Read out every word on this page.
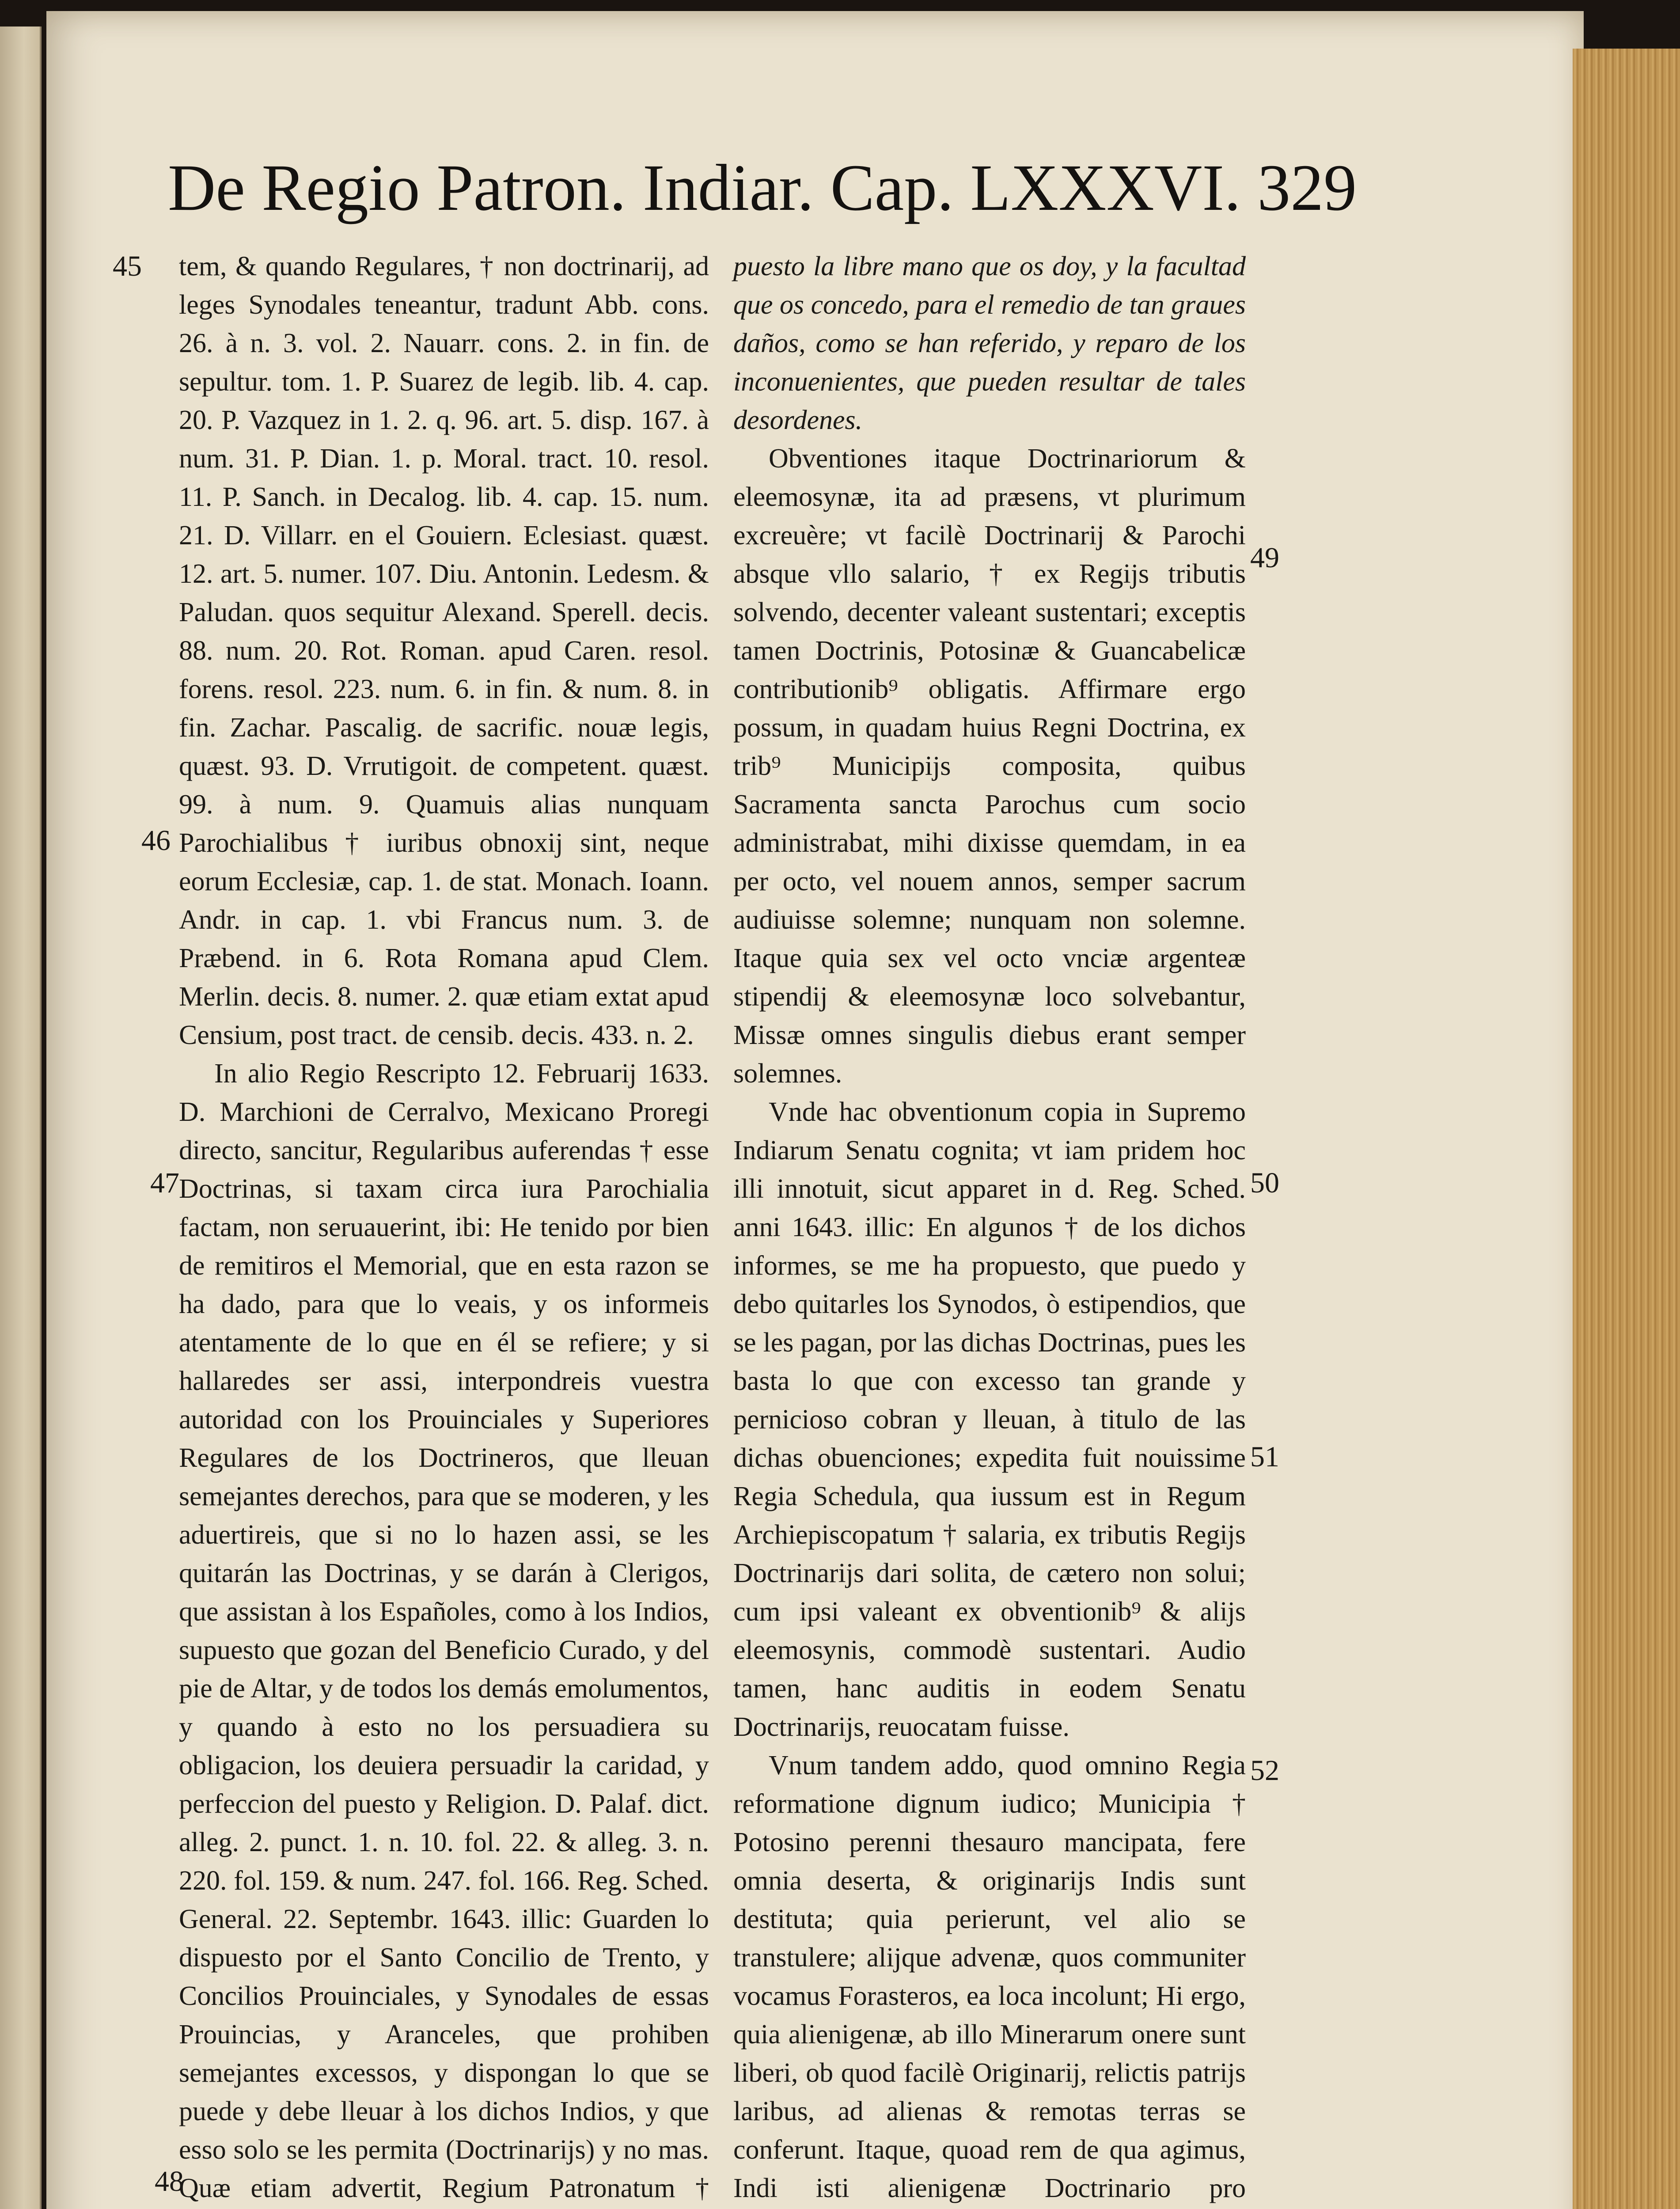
De Regio Patron. Indiar. Cap. LXXXVI. 329

tem, & quando Regulares, † non doctrinarij, ad leges Synodales teneantur, tradunt Abb. cons. 26. à n. 3. vol. 2. Nauarr. cons. 2. in fin. de sepultur. tom. 1. P. Suarez de legib. lib. 4. cap. 20. P. Vazquez in 1. 2. q. 96. art. 5. disp. 167. à num. 31. P. Dian. 1. p. Moral. tract. 10. resol. 11. P. Sanch. in Decalog. lib. 4. cap. 15. num. 21. D. Villarr. en el Gouiern. Eclesiast. quæst. 12. art. 5. numer. 107. Diu. Antonin. Ledesm. & Paludan. quos sequitur Alexand. Sperell. decis. 88. num. 20. Rot. Roman. apud Caren. resol. forens. resol. 223. num. 6. in fin. & num. 8. in fin. Zachar. Pascalig. de sacrific. nouæ legis, quæst. 93. D. Vrrutigoit. de competent. quæst. 99. à num. 9. Quamuis alias nunquam Parochialibus † iuribus obnoxij sint, neque eorum Ecclesiæ, cap. 1. de stat. Monach. Ioann. Andr. in cap. 1. vbi Francus num. 3. de Præbend. in 6. Rota Romana apud Clem. Merlin. decis. 8. numer. 2. quæ etiam extat apud Censium, post tract. de censib. decis. 433. n. 2.

In alio Regio Rescripto 12. Februarij 1633. D. Marchioni de Cerralvo, Mexicano Proregi directo, sancitur, Regularibus auferendas † esse Doctrinas, si taxam circa iura Parochialia factam, non seruauerint, ibi: He tenido por bien de remitiros el Memorial, que en esta razon se ha dado, para que lo veais, y os informeis atentamente de lo que en él se refiere; y si hallaredes ser assi, interpondreis vuestra autoridad con los Prouinciales y Superiores Regulares de los Doctrineros, que lleuan semejantes derechos, para que se moderen, y les aduertireis, que si no lo hazen assi, se les quitarán las Doctrinas, y se darán à Clerigos, que assistan à los Españoles, como à los Indios, supuesto que gozan del Beneficio Curado, y del pie de Altar, y de todos los demás emolumentos, y quando à esto no los persuadiera su obligacion, los deuiera persuadir la caridad, y perfeccion del puesto y Religion. D. Palaf. dict. alleg. 2. punct. 1. n. 10. fol. 22. & alleg. 3. n. 220. fol. 159. & num. 247. fol. 166. Reg. Sched. General. 22. Septembr. 1643. illic: Guarden lo dispuesto por el Santo Concilio de Trento, y Concilios Prouinciales, y Synodales de essas Prouincias, y Aranceles, que prohiben semejantes excessos, y dispongan lo que se puede y debe lleuar à los dichos Indios, y que esso solo se les permita (Doctrinarijs) y no mas. Quæ etiam advertit, Regium Patronatum †

puesto la libre mano que os doy, y la facultad que os concedo, para el remedio de tan graues daños, como se han referido, y reparo de los inconuenientes, que pueden resultar de tales desordenes.

Obventiones itaque Doctrinariorum & eleemosynæ, ita ad præsens, vt plurimum excreuère; vt facilè Doctrinarij & Parochi absque vllo salario, † ex Regijs tributis solvendo, decenter valeant sustentari; exceptis tamen Doctrinis, Potosinæ & Guancabelicæ contributionib⁹ obligatis. Affirmare ergo possum, in quadam huius Regni Doctrina, ex trib⁹ Municipijs composita, quibus Sacramenta sancta Parochus cum socio administrabat, mihi dixisse quemdam, in ea per octo, vel nouem annos, semper sacrum audiuisse solemne; nunquam non solemne. Itaque quia sex vel octo vnciæ argenteæ stipendij & eleemosynæ loco solvebantur, Missæ omnes singulis diebus erant semper solemnes.

Vnde hac obventionum copia in Supremo Indiarum Senatu cognita; vt iam pridem hoc illi innotuit, sicut apparet in d. Reg. Sched. anni 1643. illic: En algunos † de los dichos informes, se me ha propuesto, que puedo y debo quitarles los Synodos, ò estipendios, que se les pagan, por las dichas Doctrinas, pues les basta lo que con excesso tan grande y pernicioso cobran y lleuan, à titulo de las dichas obuenciones; expedita fuit nouissime Regia Schedula, qua iussum est in Regum Archiepiscopatum † salaria, ex tributis Regijs Doctrinarijs dari solita, de cætero non solui; cum ipsi valeant ex obventionib⁹ & alijs eleemosynis, commodè sustentari. Audio tamen, hanc auditis in eodem Senatu Doctrinarijs, reuocatam fuisse.

Vnum tandem addo, quod omnino Regia reformatione dignum iudico; Municipia † Potosino perenni thesauro mancipata, fere omnia deserta, & originarijs Indis sunt destituta; quia perierunt, vel alio se transtulere; alijque advenæ, quos communiter vocamus Forasteros, ea loca incolunt; Hi ergo, quia alienigenæ, ab illo Minerarum onere sunt liberi, ob quod facilè Originarij, relictis patrijs laribus, ad alienas & remotas terras se conferunt. Itaque, quoad rem de qua agimus, Indi isti alienigenæ Doctrinario pro

45
46
47
48
49
50
51
52
